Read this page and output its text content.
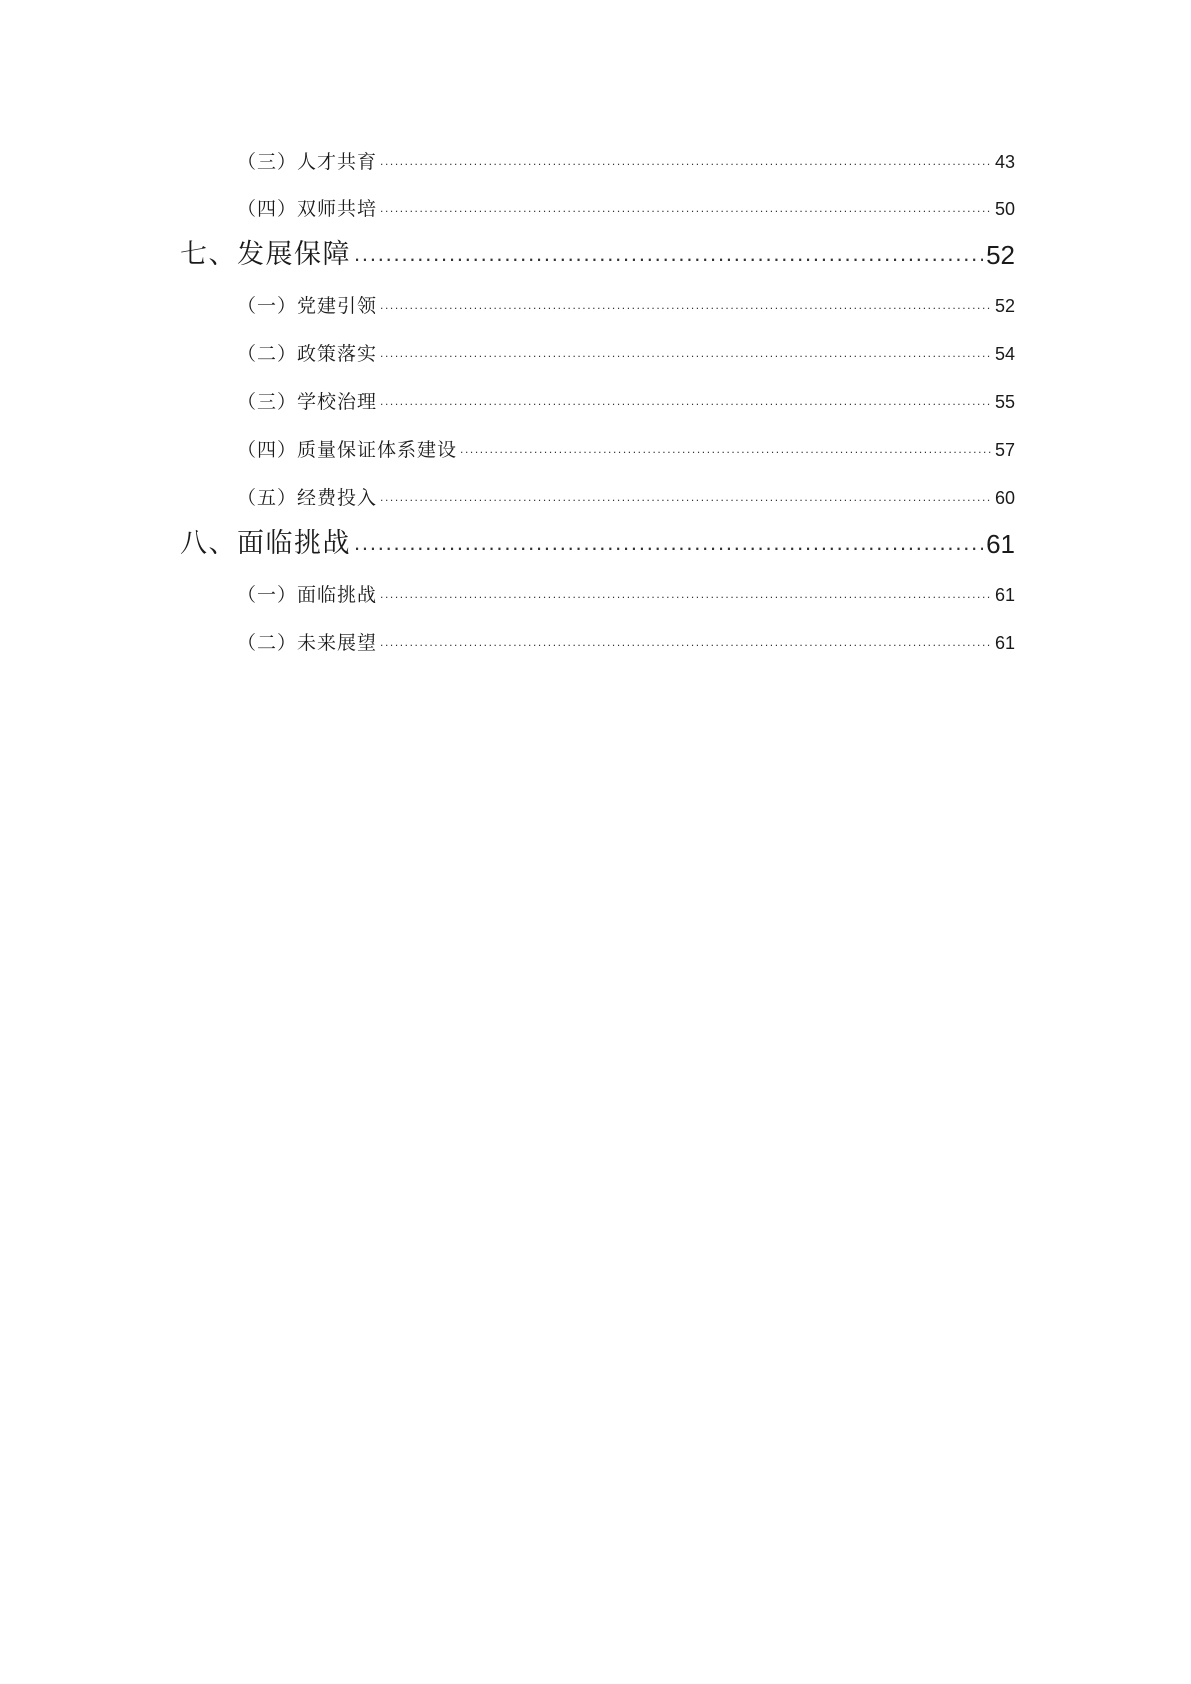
（三）人才共育 .....	43
（四）双师共培 .....	50
七、发展保障 .....	52
（一）党建引领 .....	52
（二）政策落实 .....	54
（三）学校治理 .....	55
（四）质量保证体系建设 .....	57
（五）经费投入 .....	60
八、面临挑战 .....	61
（一）面临挑战 .....	61
（二）未来展望 .....	61
